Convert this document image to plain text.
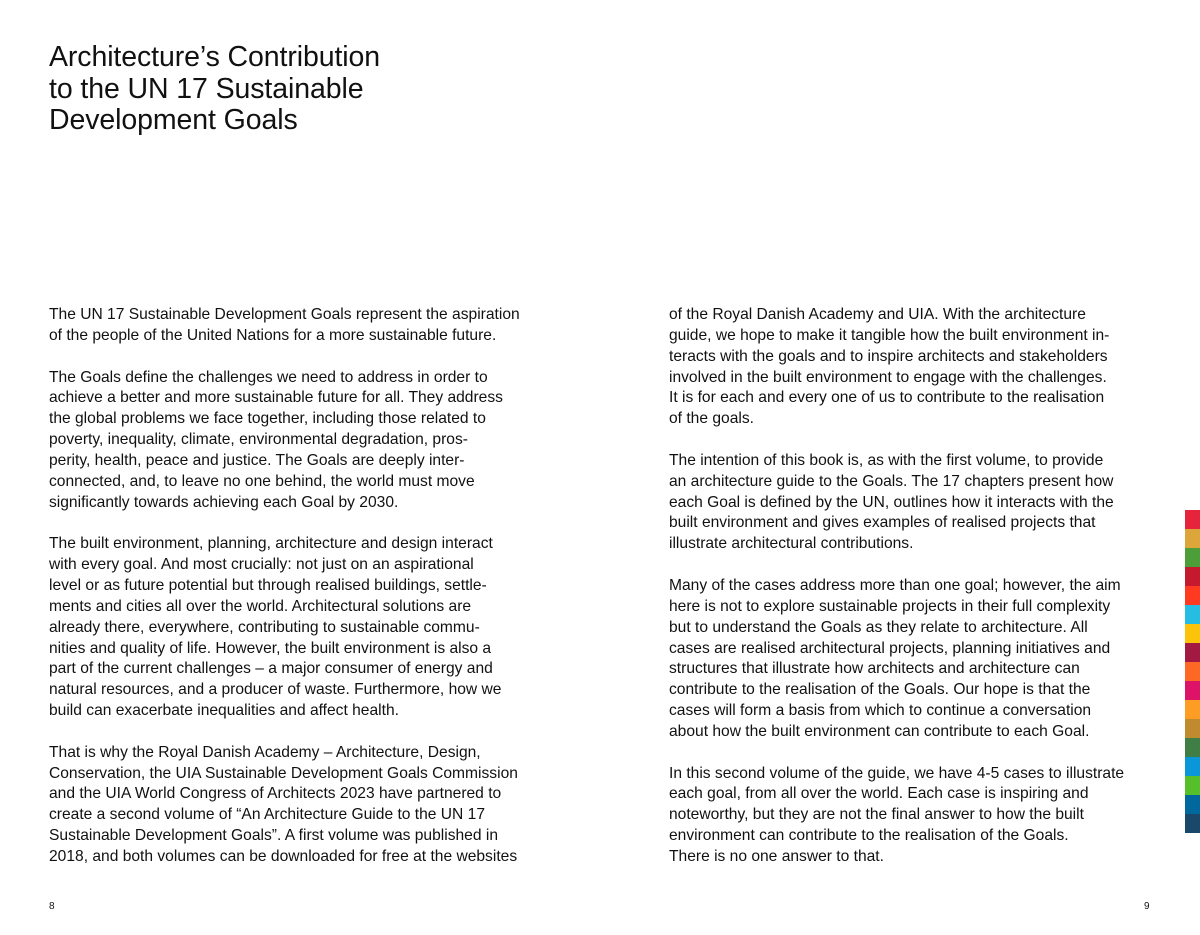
Architecture’s Contribution
to the UN 17 Sustainable
Development Goals

The UN 17 Sustainable Development Goals represent the aspiration
of the people of the United Nations for a more sustainable future.

The Goals define the challenges we need to address in order to
achieve a better and more sustainable future for all. They address
the global problems we face together, including those related to
poverty, inequality, climate, environmental degradation, pros-
perity, health, peace and justice. The Goals are deeply inter-
connected, and, to leave no one behind, the world must move
significantly towards achieving each Goal by 2030.

The built environment, planning, architecture and design interact
with every goal. And most crucially: not just on an aspirational
level or as future potential but through realised buildings, settle-
ments and cities all over the world. Architectural solutions are
already there, everywhere, contributing to sustainable commu-
nities and quality of life. However, the built environment is also a
part of the current challenges – a major consumer of energy and
natural resources, and a producer of waste. Furthermore, how we
build can exacerbate inequalities and affect health.

That is why the Royal Danish Academy – Architecture, Design,
Conservation, the UIA Sustainable Development Goals Commission
and the UIA World Congress of Architects 2023 have partnered to
create a second volume of “An Architecture Guide to the UN 17
Sustainable Development Goals”. A first volume was published in
2018, and both volumes can be downloaded for free at the websites

of the Royal Danish Academy and UIA. With the architecture
guide, we hope to make it tangible how the built environment in-
teracts with the goals and to inspire architects and stakeholders
involved in the built environment to engage with the challenges.
It is for each and every one of us to contribute to the realisation
of the goals.

The intention of this book is, as with the first volume, to provide
an architecture guide to the Goals. The 17 chapters present how
each Goal is defined by the UN, outlines how it interacts with the
built environment and gives examples of realised projects that
illustrate architectural contributions.

Many of the cases address more than one goal; however, the aim
here is not to explore sustainable projects in their full complexity
but to understand the Goals as they relate to architecture. All
cases are realised architectural projects, planning initiatives and
structures that illustrate how architects and architecture can
contribute to the realisation of the Goals. Our hope is that the
cases will form a basis from which to continue a conversation
about how the built environment can contribute to each Goal.

In this second volume of the guide, we have 4-5 cases to illustrate
each goal, from all over the world. Each case is inspiring and
noteworthy, but they are not the final answer to how the built
environment can contribute to the realisation of the Goals.
There is no one answer to that.

8	9
